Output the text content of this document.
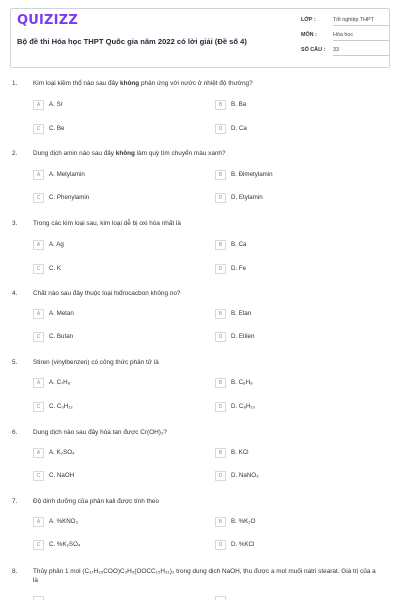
QUIZIZZ
Bộ đề thi Hóa học THPT Quốc gia năm 2022 có lời giải (Đề số 4)
LỚP :	Tốt nghiệp THPT
MÔN :	Hóa học
SỐ CÂU : 33
1. Kim loại kiềm thổ nào sau đây không phản ứng với nước ở nhiệt độ thường?
A	A. Sr	B	B. Ba
C	C. Be	D	D. Ca
2. Dung dịch amin nào sau đây không làm quỳ tím chuyển màu xanh?
A	A. Metylamin	B	B. Đimetylamin
C	C. Phenylamin	D	D. Etylamin
3. Trong các kim loại sau, kim loại dễ bị oxi hóa nhất là
A	A. Ag	B	B. Ca
C	C. K	D	D. Fe
4. Chất nào sau đây thuộc loại hiđrocacbon không no?
A	A. Metan	B	B. Etan
C	C. Butan	D	D. Etilen
5. Stiren (vinylbenzen) có công thức phân tử là
A	A. C₇H₈	B	B. C₈H₈
C	C. C₉H₁₂	D	D. C₈H₁₀
6. Dung dịch nào sau đây hòa tan được Cr(OH)₃?
A	A. K₂SO₄	B	B. KCl
C	C. NaOH	D	D. NaNO₃
7. Độ dinh dưỡng của phân kali được tính theo
A	A. %KNO₃	B	B. %K₂O
C	C. %K₂SO₄	D	D. %KCl
8. Thủy phân 1 mol (C₁₇H₃₅COO)C₃H₅(OOCC₁₅H₃₁)₂ trong dung dịch NaOH, thu được a mol muối natri stearat. Giá trị của a là
